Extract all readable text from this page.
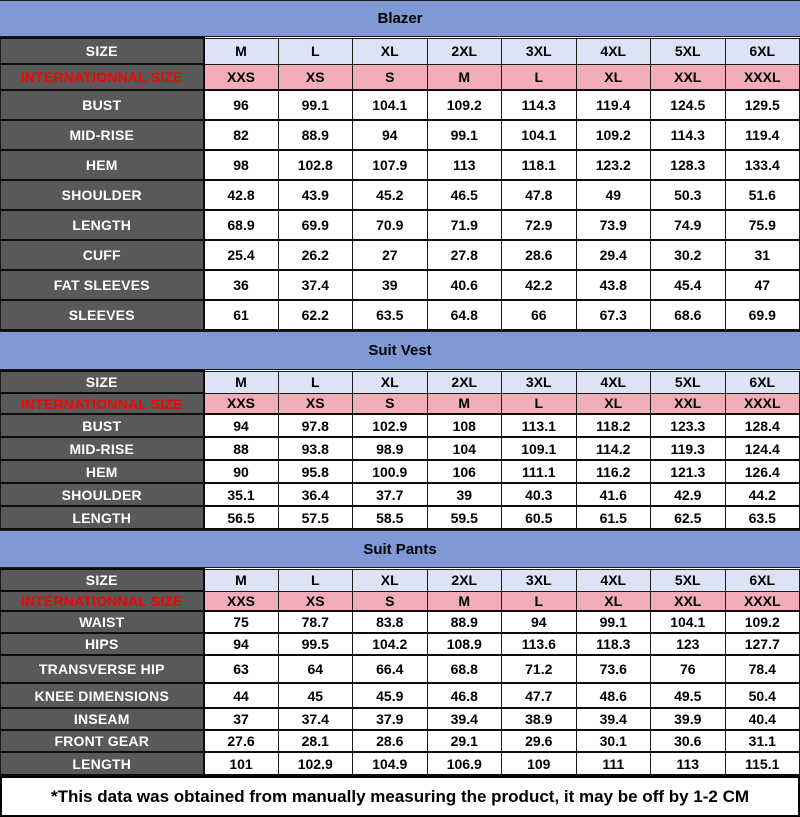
Blazer
SIZE	M	L	XL	2XL	3XL	4XL	5XL	6XL
INTERNATIONNAL SIZE	XXS	XS	S	M	L	XL	XXL	XXXL
BUST	96	99.1	104.1	109.2	114.3	119.4	124.5	129.5
MID-RISE	82	88.9	94	99.1	104.1	109.2	114.3	119.4
HEM	98	102.8	107.9	113	118.1	123.2	128.3	133.4
SHOULDER	42.8	43.9	45.2	46.5	47.8	49	50.3	51.6
LENGTH	68.9	69.9	70.9	71.9	72.9	73.9	74.9	75.9
CUFF	25.4	26.2	27	27.8	28.6	29.4	30.2	31
FAT SLEEVES	36	37.4	39	40.6	42.2	43.8	45.4	47
SLEEVES	61	62.2	63.5	64.8	66	67.3	68.6	69.9
Suit Vest
SIZE	M	L	XL	2XL	3XL	4XL	5XL	6XL
INTERNATIONNAL SIZE	XXS	XS	S	M	L	XL	XXL	XXXL
BUST	94	97.8	102.9	108	113.1	118.2	123.3	128.4
MID-RISE	88	93.8	98.9	104	109.1	114.2	119.3	124.4
HEM	90	95.8	100.9	106	111.1	116.2	121.3	126.4
SHOULDER	35.1	36.4	37.7	39	40.3	41.6	42.9	44.2
LENGTH	56.5	57.5	58.5	59.5	60.5	61.5	62.5	63.5
Suit Pants
SIZE	M	L	XL	2XL	3XL	4XL	5XL	6XL
INTERNATIONNAL SIZE	XXS	XS	S	M	L	XL	XXL	XXXL
WAIST	75	78.7	83.8	88.9	94	99.1	104.1	109.2
HIPS	94	99.5	104.2	108.9	113.6	118.3	123	127.7
TRANSVERSE HIP	63	64	66.4	68.8	71.2	73.6	76	78.4
KNEE DIMENSIONS	44	45	45.9	46.8	47.7	48.6	49.5	50.4
INSEAM	37	37.4	37.9	39.4	38.9	39.4	39.9	40.4
FRONT GEAR	27.6	28.1	28.6	29.1	29.6	30.1	30.6	31.1
LENGTH	101	102.9	104.9	106.9	109	111	113	115.1
*This data was obtained from manually measuring the product, it may be off by 1-2 CM
